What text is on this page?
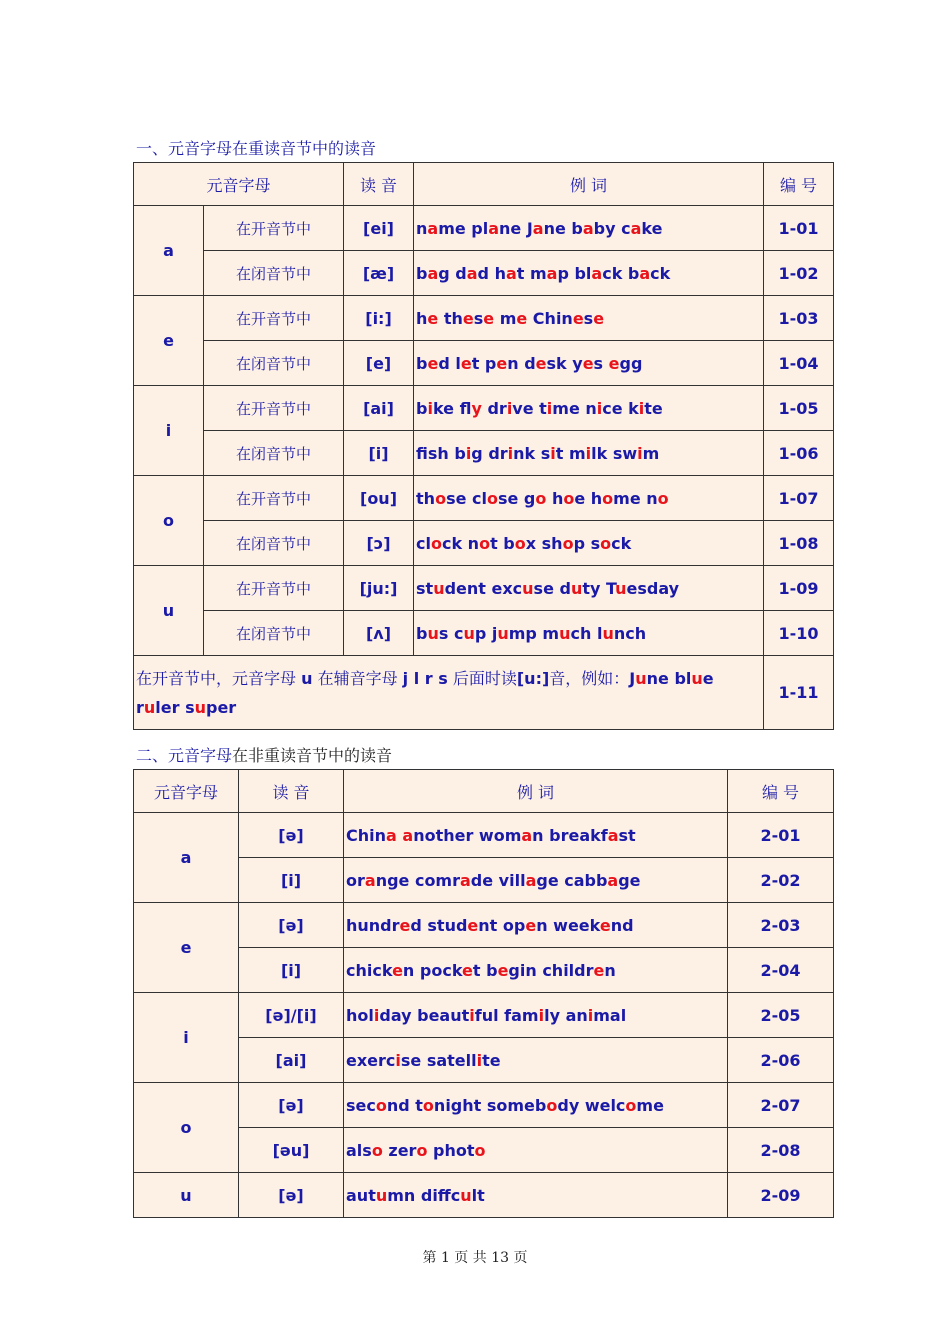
一、元音字母在重读音节中的读音
元音字母		读 音	例 词	编 号
a	在开音节中	[ei]	name plane Jane baby cake	1-01
	在闭音节中	[æ]	bag dad hat map black back	1-02
e	在开音节中	[i:]	he these me Chinese	1-03
	在闭音节中	[e]	bed let pen desk yes egg	1-04
i	在开音节中	[ai]	bike fly drive time nice kite	1-05
	在闭音节中	[i]	fsh big drink sit milk swim	1-06
o	在开音节中	[ou]	those close go hoe home no	1-07
	在闭音节中	[ɔ]	clock not box shop sock	1-08
u	在开音节中	[ju:]	student excuse duty Tuesday	1-09
	在闭音节中	[ʌ]	bus cup jump much lunch	1-10
在开音节中，元音字母 u 在辅音字母 j l r s 后面时读[u:]音，例如：June blue ruler super				1-11
二、元音字母在非重读音节中的读音
元音字母	读 音	例 词	编 号
a	[ə]	China another woman breakfast	2-01
	[i]	orange comrade village cabbage	2-02
e	[ə]	hundred student open weekend	2-03
	[i]	chicken pocket begin children	2-04
i	[ə]/[i]	holiday beautiful family animal	2-05
	[ai]	exercise satellite	2-06
o	[ə]	second tonight somebody welcome	2-07
	[əu]	also zero photo	2-08
u	[ə]	autumn diffcult	2-09
第 1 页 共 13 页
